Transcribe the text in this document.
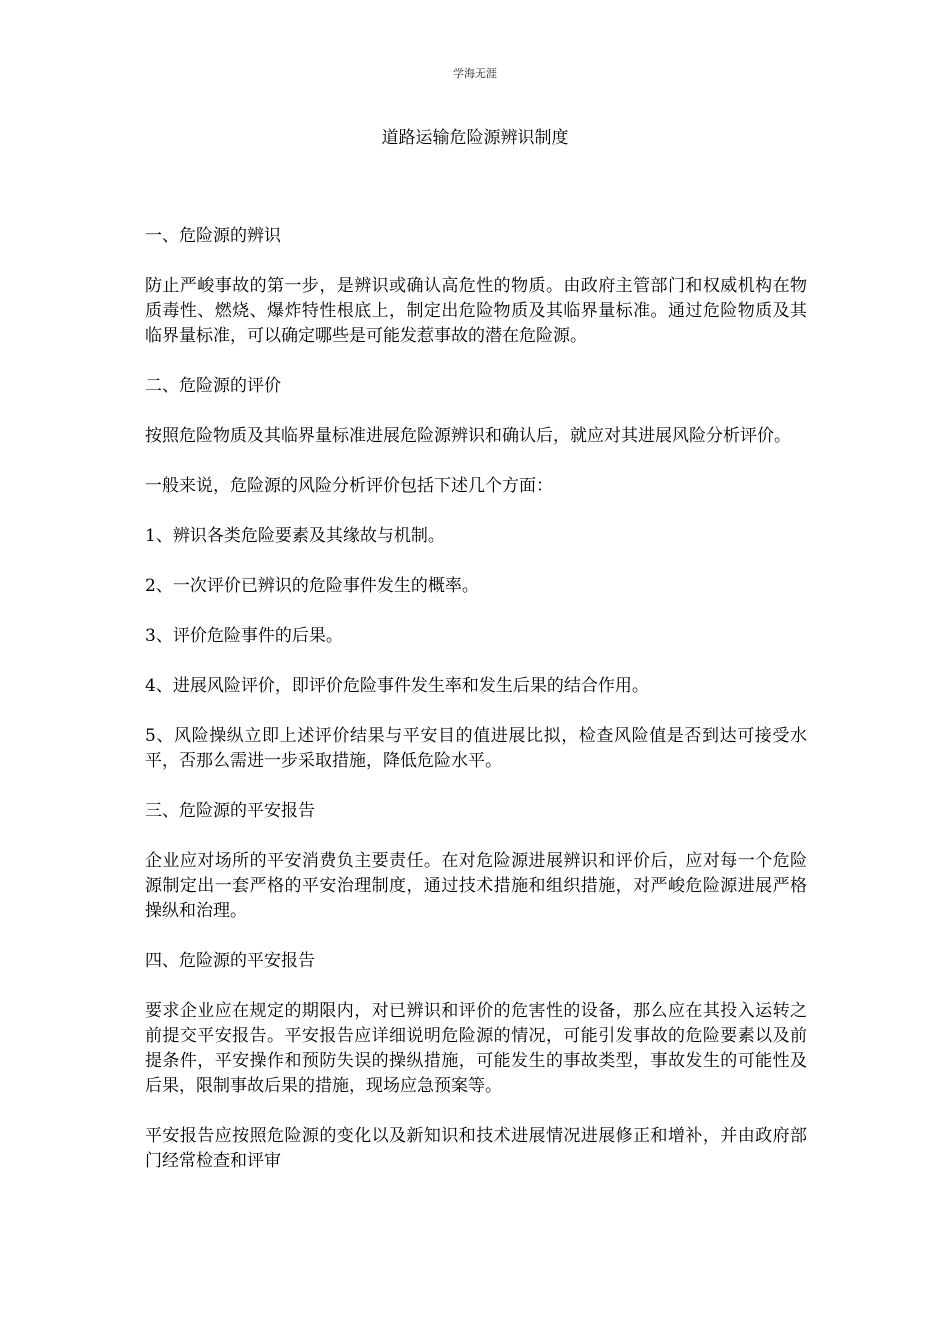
学海无涯
道路运输危险源辨识制度

一、危险源的辨识

防止严峻事故的第一步，是辨识或确认高危性的物质。由政府主管部门和权威机构在物质毒性、燃烧、爆炸特性根底上，制定出危险物质及其临界量标准。通过危险物质及其临界量标准，可以确定哪些是可能发惹事故的潜在危险源。

二、危险源的评价

按照危险物质及其临界量标准进展危险源辨识和确认后，就应对其进展风险分析评价。

一般来说，危险源的风险分析评价包括下述几个方面：

1、辨识各类危险要素及其缘故与机制。

2、一次评价已辨识的危险事件发生的概率。

3、评价危险事件的后果。

4、进展风险评价，即评价危险事件发生率和发生后果的结合作用。

5、风险操纵立即上述评价结果与平安目的值进展比拟，检查风险值是否到达可接受水平，否那么需进一步采取措施，降低危险水平。

三、危险源的平安报告

企业应对场所的平安消费负主要责任。在对危险源进展辨识和评价后，应对每一个危险源制定出一套严格的平安治理制度，通过技术措施和组织措施，对严峻危险源进展严格操纵和治理。

四、危险源的平安报告

要求企业应在规定的期限内，对已辨识和评价的危害性的设备，那么应在其投入运转之前提交平安报告。平安报告应详细说明危险源的情况，可能引发事故的危险要素以及前提条件，平安操作和预防失误的操纵措施，可能发生的事故类型，事故发生的可能性及后果，限制事故后果的措施，现场应急预案等。

平安报告应按照危险源的变化以及新知识和技术进展情况进展修正和增补，并由政府部门经常检查和评审
